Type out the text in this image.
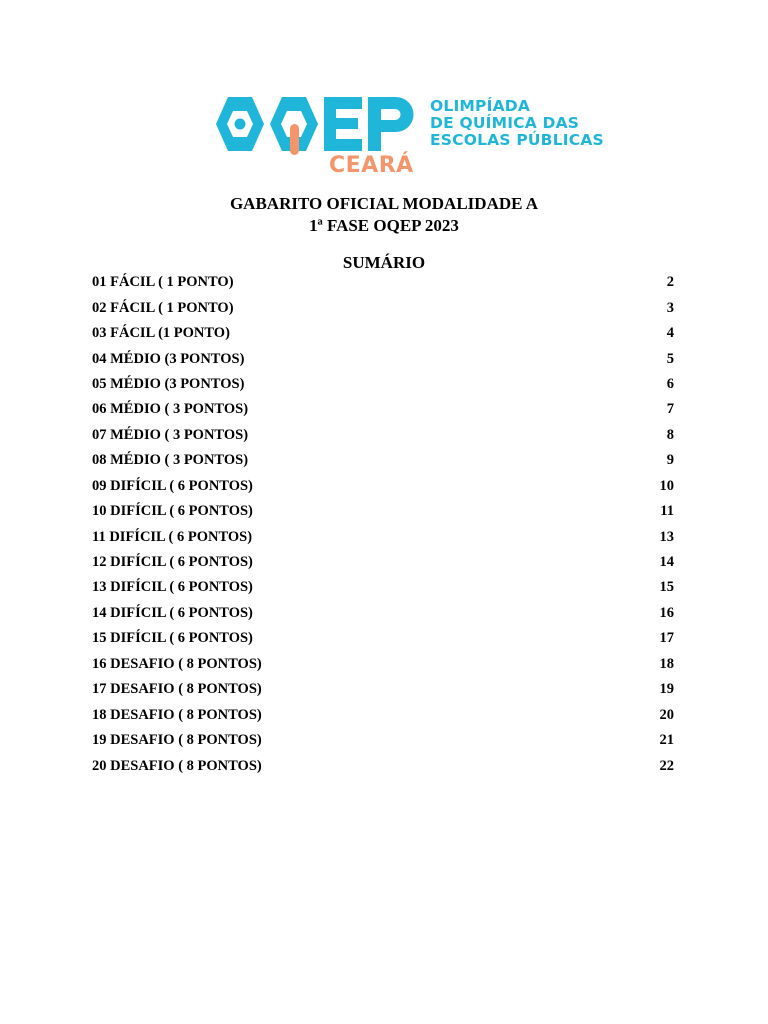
CEARÁ
OLIMPÍADA
DE QUÍMICA DAS
ESCOLAS PÚBLICAS
GABARITO OFICIAL MODALIDADE A
1ª FASE OQEP 2023
SUMÁRIO
01 FÁCIL ( 1 PONTO)	2
02 FÁCIL ( 1 PONTO)	3
03 FÁCIL (1 PONTO)	4
04 MÉDIO (3 PONTOS)	5
05 MÉDIO (3 PONTOS)	6
06 MÉDIO ( 3 PONTOS)	7
07 MÉDIO ( 3 PONTOS)	8
08 MÉDIO ( 3 PONTOS)	9
09 DIFÍCIL ( 6 PONTOS)	10
10 DIFÍCIL ( 6 PONTOS)	11
11 DIFÍCIL ( 6 PONTOS)	13
12 DIFÍCIL ( 6 PONTOS)	14
13 DIFÍCIL ( 6 PONTOS)	15
14 DIFÍCIL ( 6 PONTOS)	16
15 DIFÍCIL ( 6 PONTOS)	17
16 DESAFIO ( 8 PONTOS)	18
17 DESAFIO ( 8 PONTOS)	19
18 DESAFIO ( 8 PONTOS)	20
19 DESAFIO ( 8 PONTOS)	21
20 DESAFIO ( 8 PONTOS)	22
